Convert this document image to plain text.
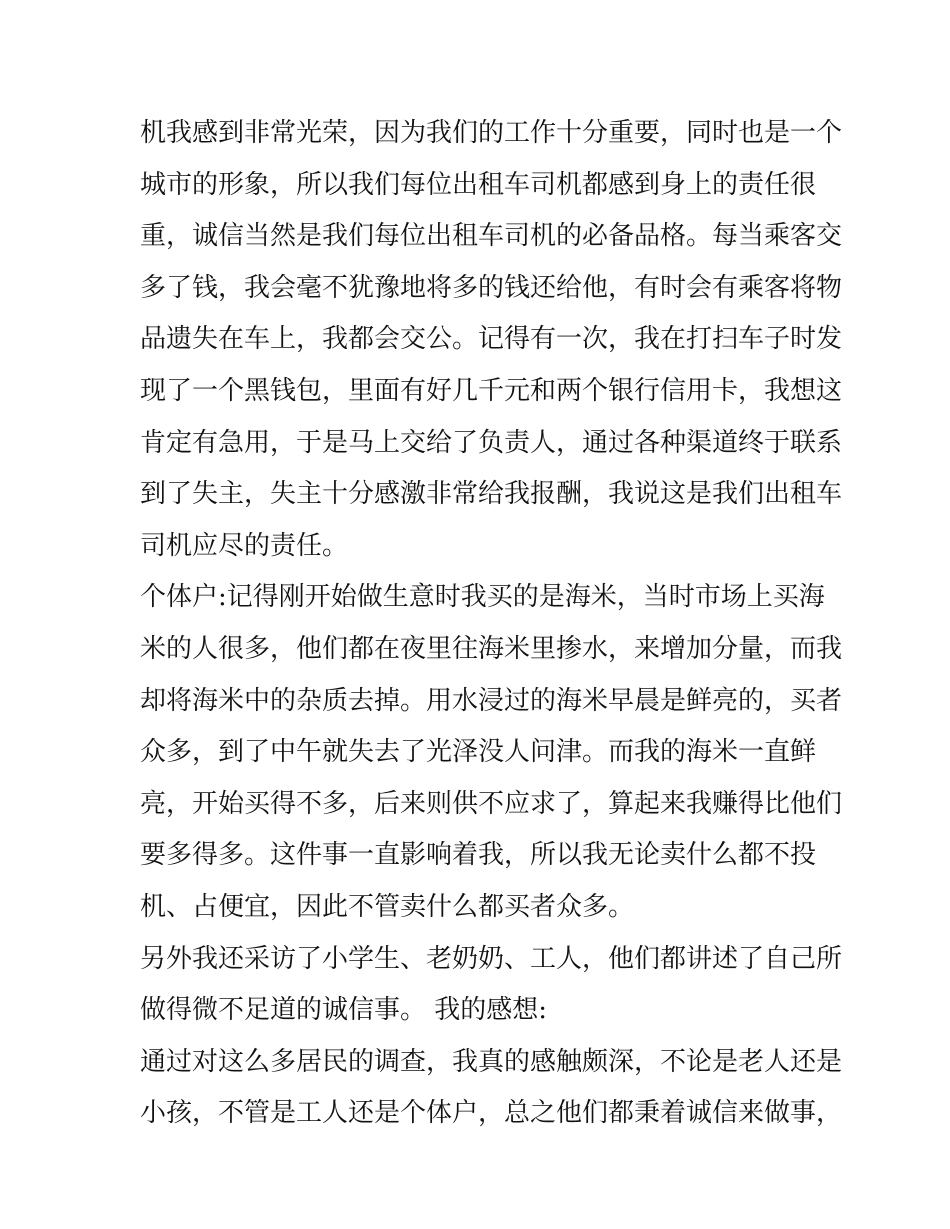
机我感到非常光荣，因为我们的工作十分重要，同时也是一个
城市的形象，所以我们每位出租车司机都感到身上的责任很
重，诚信当然是我们每位出租车司机的必备品格。每当乘客交
多了钱，我会毫不犹豫地将多的钱还给他，有时会有乘客将物
品遗失在车上，我都会交公。记得有一次，我在打扫车子时发
现了一个黑钱包，里面有好几千元和两个银行信用卡，我想这
肯定有急用，于是马上交给了负责人，通过各种渠道终于联系
到了失主，失主十分感激非常给我报酬，我说这是我们出租车
司机应尽的责任。
个体户:记得刚开始做生意时我买的是海米，当时市场上买海
米的人很多，他们都在夜里往海米里掺水，来增加分量，而我
却将海米中的杂质去掉。用水浸过的海米早晨是鲜亮的，买者
众多，到了中午就失去了光泽没人问津。而我的海米一直鲜
亮，开始买得不多，后来则供不应求了，算起来我赚得比他们
要多得多。这件事一直影响着我，所以我无论卖什么都不投
机、占便宜，因此不管卖什么都买者众多。
另外我还采访了小学生、老奶奶、工人，他们都讲述了自己所
做得微不足道的诚信事。 我的感想:
通过对这么多居民的调查，我真的感触颇深，不论是老人还是
小孩，不管是工人还是个体户，总之他们都秉着诚信来做事，
